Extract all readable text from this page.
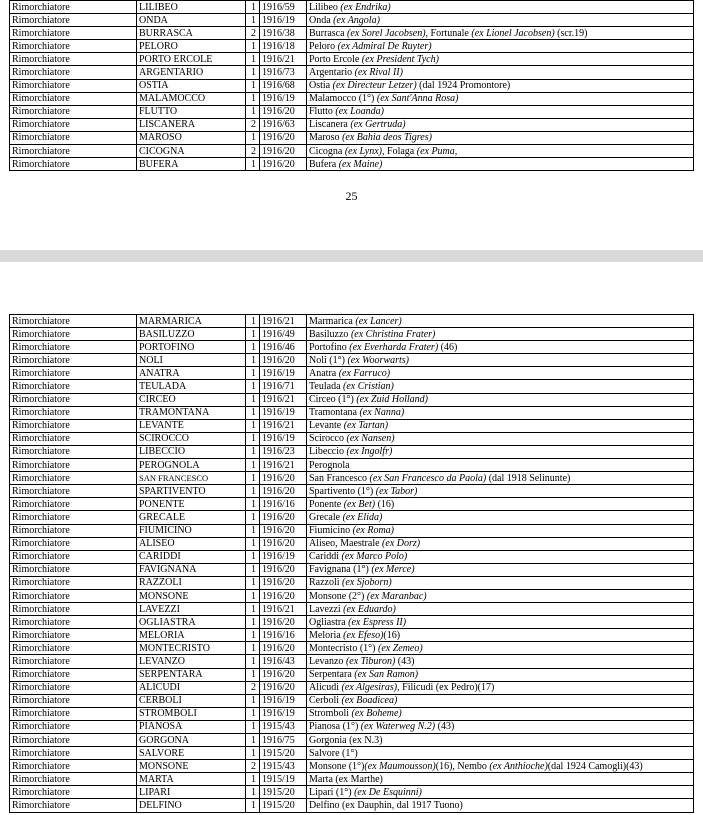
Rimorchiatore	LILIBEO	1	1916/59	Lilibeo (ex Endrika)
Rimorchiatore	ONDA	1	1916/19	Onda (ex Angola)
Rimorchiatore	BURRASCA	2	1916/38	Burrasca (ex Sorel Jacobsen), Fortunale (ex Lionel Jacobsen) (scr.19)
Rimorchiatore	PELORO	1	1916/18	Peloro (ex Admiral De Ruyter)
Rimorchiatore	PORTO ERCOLE	1	1916/21	Porto Ercole (ex President Tych)
Rimorchiatore	ARGENTARIO	1	1916/73	Argentario (ex Rival II)
Rimorchiatore	OSTIA	1	1916/68	Ostia (ex Directeur Letzer) (dal 1924 Promontore)
Rimorchiatore	MALAMOCCO	1	1916/19	Malamocco (1°) (ex Sant'Anna Rosa)
Rimorchiatore	FLUTTO	1	1916/20	Flutto (ex Loanda)
Rimorchiatore	LISCANERA	2	1916/63	Liscanera (ex Gertruda)
Rimorchiatore	MAROSO	1	1916/20	Maroso (ex Bahia deos Tigres)
Rimorchiatore	CICOGNA	2	1916/20	Cicogna (ex Lynx), Folaga (ex Puma,
Rimorchiatore	BUFERA	1	1916/20	Bufera (ex Maine)
25
Rimorchiatore	MARMARICA	1	1916/21	Marmarica (ex Lancer)
Rimorchiatore	BASILUZZO	1	1916/49	Basiluzzo (ex Christina Frater)
Rimorchiatore	PORTOFINO	1	1916/46	Portofino (ex Everharda Frater) (46)
Rimorchiatore	NOLI	1	1916/20	Noli (1°) (ex Woorwarts)
Rimorchiatore	ANATRA	1	1916/19	Anatra (ex Farruco)
Rimorchiatore	TEULADA	1	1916/71	Teulada (ex Cristian)
Rimorchiatore	CIRCEO	1	1916/21	Circeo (1°) (ex Zuid Holland)
Rimorchiatore	TRAMONTANA	1	1916/19	Tramontana (ex Nanna)
Rimorchiatore	LEVANTE	1	1916/21	Levante (ex Tartan)
Rimorchiatore	SCIROCCO	1	1916/19	Scirocco (ex Nansen)
Rimorchiatore	LIBECCIO	1	1916/23	Libeccio (ex Ingolfr)
Rimorchiatore	PEROGNOLA	1	1916/21	Perognola
Rimorchiatore	SAN FRANCESCO	1	1916/20	San Francesco (ex San Francesco da Paola) (dal 1918 Selinunte)
Rimorchiatore	SPARTIVENTO	1	1916/20	Spartivento (1°) (ex Tabor)
Rimorchiatore	PONENTE	1	1916/16	Ponente (ex Bet) (16)
Rimorchiatore	GRECALE	1	1916/20	Grecale (ex Elida)
Rimorchiatore	FIUMICINO	1	1916/20	Fiumicino (ex Roma)
Rimorchiatore	ALISEO	1	1916/20	Aliseo, Maestrale (ex Dorz)
Rimorchiatore	CARIDDI	1	1916/19	Cariddi (ex Marco Polo)
Rimorchiatore	FAVIGNANA	1	1916/20	Favignana (1°) (ex Merce)
Rimorchiatore	RAZZOLI	1	1916/20	Razzoli (ex Sjoborn)
Rimorchiatore	MONSONE	1	1916/20	Monsone (2°) (ex Maranbac)
Rimorchiatore	LAVEZZI	1	1916/21	Lavezzi (ex Eduardo)
Rimorchiatore	OGLIASTRA	1	1916/20	Ogliastra (ex Espress II)
Rimorchiatore	MELORIA	1	1916/16	Meloria (ex Efeso)(16)
Rimorchiatore	MONTECRISTO	1	1916/20	Montecristo (1°) (ex Zemeo)
Rimorchiatore	LEVANZO	1	1916/43	Levanzo (ex Tiburon) (43)
Rimorchiatore	SERPENTARA	1	1916/20	Serpentara (ex San Ramon)
Rimorchiatore	ALICUDI	2	1916/20	Alicudi (ex Algesiras), Filicudi (ex Pedro)(17)
Rimorchiatore	CERBOLI	1	1916/19	Cerboli (ex Boadicea)
Rimorchiatore	STROMBOLI	1	1916/19	Stromboli (ex Boheme)
Rimorchiatore	PIANOSA	1	1915/43	Pianosa (1°) (ex Waterweg N.2) (43)
Rimorchiatore	GORGONA	1	1916/75	Gorgonia (ex N.3)
Rimorchiatore	SALVORE	1	1915/20	Salvore (1°)
Rimorchiatore	MONSONE	2	1915/43	Monsone (1°)(ex Maumousson)(16), Nembo (ex Anthioche)(dal 1924 Camogli)(43)
Rimorchiatore	MARTA	1	1915/19	Marta (ex Marthe)
Rimorchiatore	LIPARI	1	1915/20	Lipari (1°) (ex De Esquinni)
Rimorchiatore	DELFINO	1	1915/20	Delfino (ex Dauphin, dal 1917 Tuono)
